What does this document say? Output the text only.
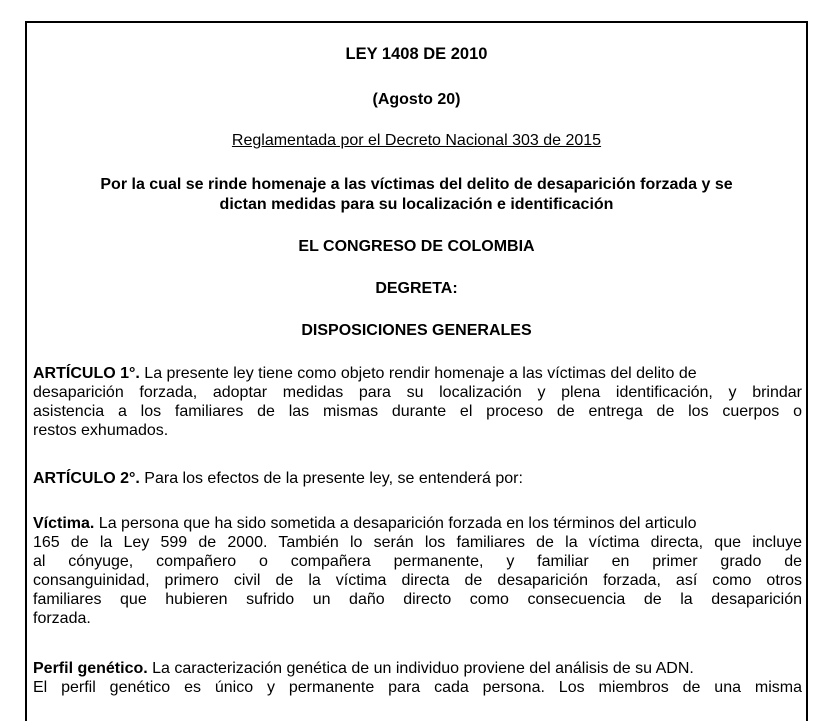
LEY 1408 DE 2010
(Agosto 20)
Reglamentada por el Decreto Nacional 303 de 2015
Por la cual se rinde homenaje a las víctimas del delito de desaparición forzada y se
dictan medidas para su localización e identificación
EL CONGRESO DE COLOMBIA
DEGRETA:
DISPOSICIONES GENERALES
ARTÍCULO 1°. La presente ley tiene como objeto rendir homenaje a las víctimas del delito de
desaparición forzada, adoptar medidas para su localización y plena identificación, y brindar
asistencia a los familiares de las mismas durante el proceso de entrega de los cuerpos o
restos exhumados.
ARTÍCULO 2°. Para los efectos de la presente ley, se entenderá por:
Víctima. La persona que ha sido sometida a desaparición forzada en los términos del articulo
165 de la Ley 599 de 2000. También lo serán los familiares de la víctima directa, que incluye
al cónyuge, compañero o compañera permanente, y familiar en primer grado de
consanguinidad, primero civil de la víctima directa de desaparición forzada, así como otros
familiares que hubieren sufrido un daño directo como consecuencia de la desaparición
forzada.
Perfil genético. La caracterización genética de un individuo proviene del análisis de su ADN.
El perfil genético es único y permanente para cada persona. Los miembros de una misma
